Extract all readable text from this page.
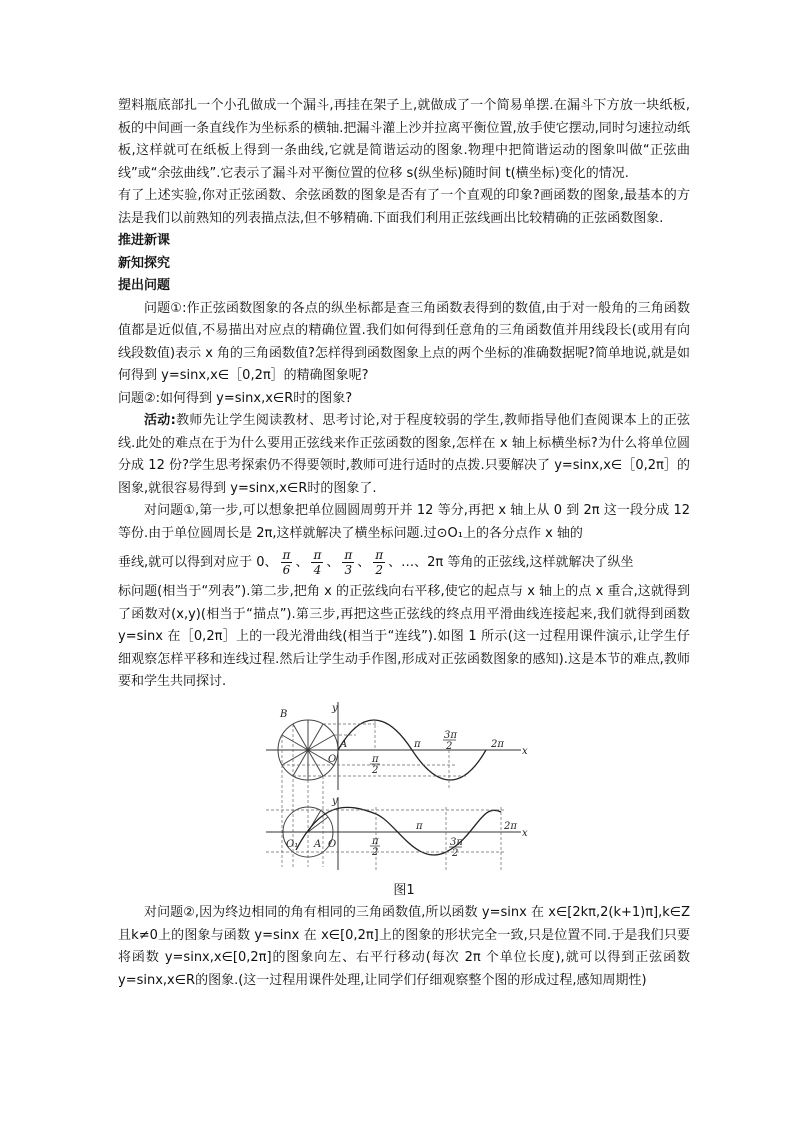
塑料瓶底部扎一个小孔做成一个漏斗,再挂在架子上,就做成了一个简易单摆.在漏斗下方放一块纸板,板的中间画一条直线作为坐标系的横轴.把漏斗灌上沙并拉离平衡位置,放手使它摆动,同时匀速拉动纸板,这样就可在纸板上得到一条曲线,它就是简谐运动的图象.物理中把简谐运动的图象叫做“正弦曲线”或“余弦曲线”.它表示了漏斗对平衡位置的位移 s(纵坐标)随时间 t(横坐标)变化的情况.

有了上述实验,你对正弦函数、余弦函数的图象是否有了一个直观的印象?画函数的图象,最基本的方法是我们以前熟知的列表描点法,但不够精确.下面我们利用正弦线画出比较精确的正弦函数图象.

推进新课

新知探究

提出问题

问题①:作正弦函数图象的各点的纵坐标都是查三角函数表得到的数值,由于对一般角的三角函数值都是近似值,不易描出对应点的精确位置.我们如何得到任意角的三角函数值并用线段长(或用有向线段数值)表示 x 角的三角函数值?怎样得到函数图象上点的两个坐标的准确数据呢?简单地说,就是如何得到 y=sinx,x∈［0,2π］的精确图象呢?

问题②:如何得到 y=sinx,x∈R时的图象?

活动:教师先让学生阅读教材、思考讨论,对于程度较弱的学生,教师指导他们查阅课本上的正弦线.此处的难点在于为什么要用正弦线来作正弦函数的图象,怎样在 x 轴上标横坐标?为什么将单位圆分成 12 份?学生思考探索仍不得要领时,教师可进行适时的点拨.只要解决了 y=sinx,x∈［0,2π］的图象,就很容易得到 y=sinx,x∈R时的图象了.

对问题①,第一步,可以想象把单位圆圆周剪开并 12 等分,再把 x 轴上从 0 到 2π 这一段分成 12 等份.由于单位圆周长是 2π,这样就解决了横坐标问题.过⊙O₁上的各分点作 x 轴的

垂线,就可以得到对应于 0、 $\frac{\pi}{6}$ 、 $\frac{\pi}{4}$ 、 $\frac{\pi}{3}$ 、 $\frac{\pi}{2}$ 、…、2π 等角的正弦线,这样就解决了纵坐

标问题(相当于“列表”).第二步,把角 x 的正弦线向右平移,使它的起点与 x 轴上的点 x 重合,这就得到了函数对(x,y)(相当于“描点”).第三步,再把这些正弦线的终点用平滑曲线连接起来,我们就得到函数 y=sinx 在［0,2π］上的一段光滑曲线(相当于“连线”).如图 1 所示(这一过程用课件演示,让学生仔细观察怎样平移和连线过程.然后让学生动手作图,形成对正弦函数图象的感知).这是本节的难点,教师要和学生共同探讨.

B
A
O
y
x
π
π
2
3π
2	2π
O₁ A O
y
x
π
π
2
3π
2
2π

图1

对问题②,因为终边相同的角有相同的三角函数值,所以函数 y=sinx 在 x∈[2kπ,2(k+1)π],k∈Z且k≠0上的图象与函数 y=sinx 在 x∈[0,2π]上的图象的形状完全一致,只是位置不同.于是我们只要将函数 y=sinx,x∈[0,2π]的图象向左、右平行移动(每次 2π 个单位长度),就可以得到正弦函数 y=sinx,x∈R的图象.(这一过程用课件处理,让同学们仔细观察整个图的形成过程,感知周期性)
